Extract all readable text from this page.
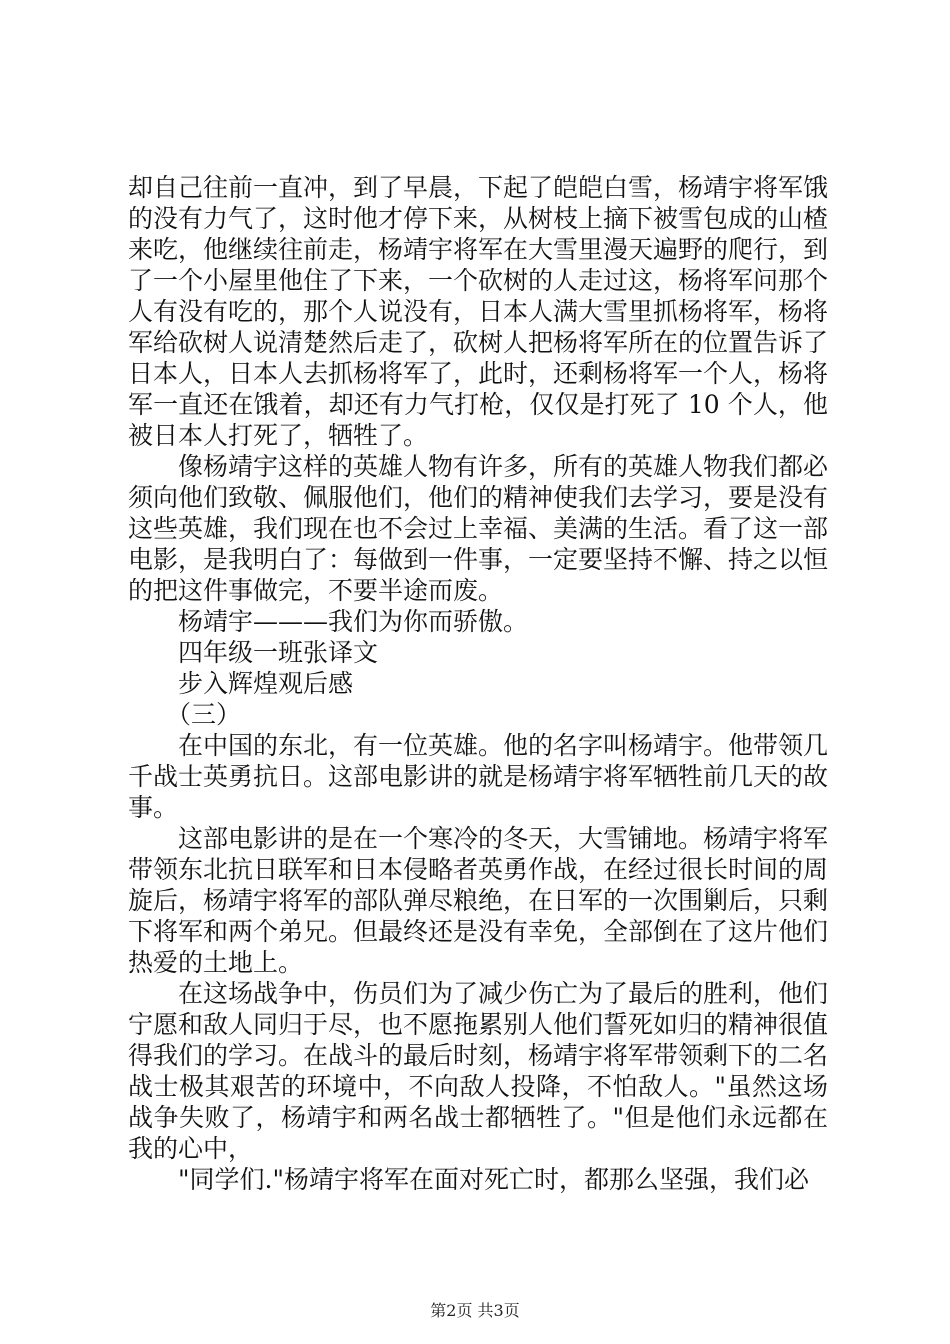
却自己往前一直冲，到了早晨，下起了皑皑白雪，杨靖宇将军饿的没有力气了，这时他才停下来，从树枝上摘下被雪包成的山楂来吃，他继续往前走，杨靖宇将军在大雪里漫天遍野的爬行，到了一个小屋里他住了下来，一个砍树的人走过这，杨将军问那个人有没有吃的，那个人说没有，日本人满大雪里抓杨将军，杨将军给砍树人说清楚然后走了，砍树人把杨将军所在的位置告诉了日本人，日本人去抓杨将军了，此时，还剩杨将军一个人，杨将军一直还在饿着，却还有力气打枪，仅仅是打死了 10 个人，他被日本人打死了，牺牲了。

像杨靖宇这样的英雄人物有许多，所有的英雄人物我们都必须向他们致敬、佩服他们，他们的精神使我们去学习，要是没有这些英雄，我们现在也不会过上幸福、美满的生活。看了这一部电影，是我明白了：每做到一件事，一定要坚持不懈、持之以恒的把这件事做完，不要半途而废。

杨靖宇———我们为你而骄傲。

四年级一班张译文

步入辉煌观后感

（三）

在中国的东北，有一位英雄。他的名字叫杨靖宇。他带领几千战士英勇抗日。这部电影讲的就是杨靖宇将军牺牲前几天的故事。

这部电影讲的是在一个寒冷的冬天，大雪铺地。杨靖宇将军带领东北抗日联军和日本侵略者英勇作战，在经过很长时间的周旋后，杨靖宇将军的部队弹尽粮绝，在日军的一次围剿后，只剩下将军和两个弟兄。但最终还是没有幸免，全部倒在了这片他们热爱的土地上。

在这场战争中，伤员们为了减少伤亡为了最后的胜利，他们宁愿和敌人同归于尽，也不愿拖累别人他们誓死如归的精神很值得我们的学习。在战斗的最后时刻，杨靖宇将军带领剩下的二名战士极其艰苦的环境中，不向敌人投降，不怕敌人。"虽然这场战争失败了，杨靖宇和两名战士都牺牲了。"但是他们永远都在我的心中，

"同学们."杨靖宇将军在面对死亡时，都那么坚强，我们必

第2页 共3页
